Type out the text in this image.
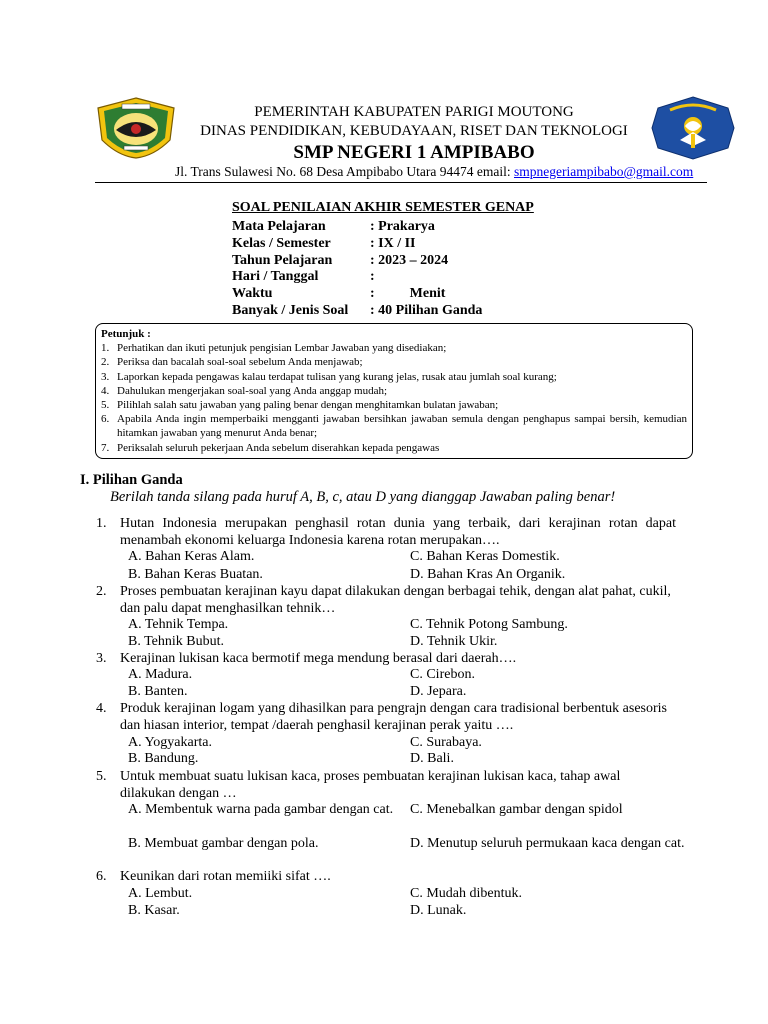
PEMERINTAH KABUPATEN PARIGI MOUTONG
DINAS PENDIDIKAN, KEBUDAYAAN, RISET DAN TEKNOLOGI
SMP NEGERI 1 AMPIBABO
Jl. Trans Sulawesi No. 68 Desa Ampibabo Utara 94474 email: smpnegeriampibabo@gmail.com
SOAL PENILAIAN AKHIR SEMESTER GENAP
Mata Pelajaran	: Prakarya
Kelas / Semester	: IX / II
Tahun Pelajaran	: 2023 – 2024
Hari / Tanggal	:
Waktu	:          Menit
Banyak / Jenis Soal : 40 Pilihan Ganda
Petunjuk :
1. Perhatikan dan ikuti petunjuk pengisian Lembar Jawaban yang disediakan;
2. Periksa dan bacalah soal-soal sebelum Anda menjawab;
3. Laporkan kepada pengawas kalau terdapat tulisan yang kurang jelas, rusak atau jumlah soal kurang;
4. Dahulukan mengerjakan soal-soal yang Anda anggap mudah;
5. Pilihlah salah satu jawaban yang paling benar dengan menghitamkan bulatan jawaban;
6. Apabila Anda ingin memperbaiki mengganti jawaban bersihkan jawaban semula dengan penghapus sampai bersih, kemudian hitamkan jawaban yang menurut Anda benar;
7. Periksalah seluruh pekerjaan Anda sebelum diserahkan kepada pengawas
I. Pilihan Ganda
Berilah tanda silang pada huruf A, B, c, atau D yang dianggap Jawaban paling benar!
1. Hutan Indonesia merupakan penghasil rotan dunia yang terbaik, dari kerajinan rotan dapat menambah ekonomi keluarga Indonesia karena rotan merupakan….
A. Bahan Keras Alam.	C. Bahan Keras Domestik.
B. Bahan Keras Buatan.	D. Bahan Kras An Organik.
2. Proses pembuatan kerajinan kayu dapat dilakukan dengan berbagai tehik, dengan alat pahat, cukil, dan palu dapat menghasilkan tehnik…
A. Tehnik Tempa.	C. Tehnik Potong Sambung.
B. Tehnik Bubut.	D. Tehnik Ukir.
3. Kerajinan lukisan kaca bermotif mega mendung berasal dari daerah….
A. Madura.	C. Cirebon.
B. Banten.	D. Jepara.
4. Produk kerajinan logam yang dihasilkan para pengrajn dengan cara tradisional berbentuk asesoris dan hiasan interior, tempat /daerah penghasil kerajinan perak yaitu ….
A. Yogyakarta.	C. Surabaya.
B. Bandung.	D. Bali.
5. Untuk membuat suatu lukisan kaca, proses pembuatan kerajinan lukisan kaca, tahap awal dilakukan dengan …
A. Membentuk warna pada gambar dengan cat.	C. Menebalkan gambar dengan spidol
B. Membuat gambar dengan pola.	D. Menutup seluruh permukaan kaca dengan cat.
6. Keunikan dari rotan memiiki sifat ….
A. Lembut.	C. Mudah dibentuk.
B. Kasar.	D. Lunak.
